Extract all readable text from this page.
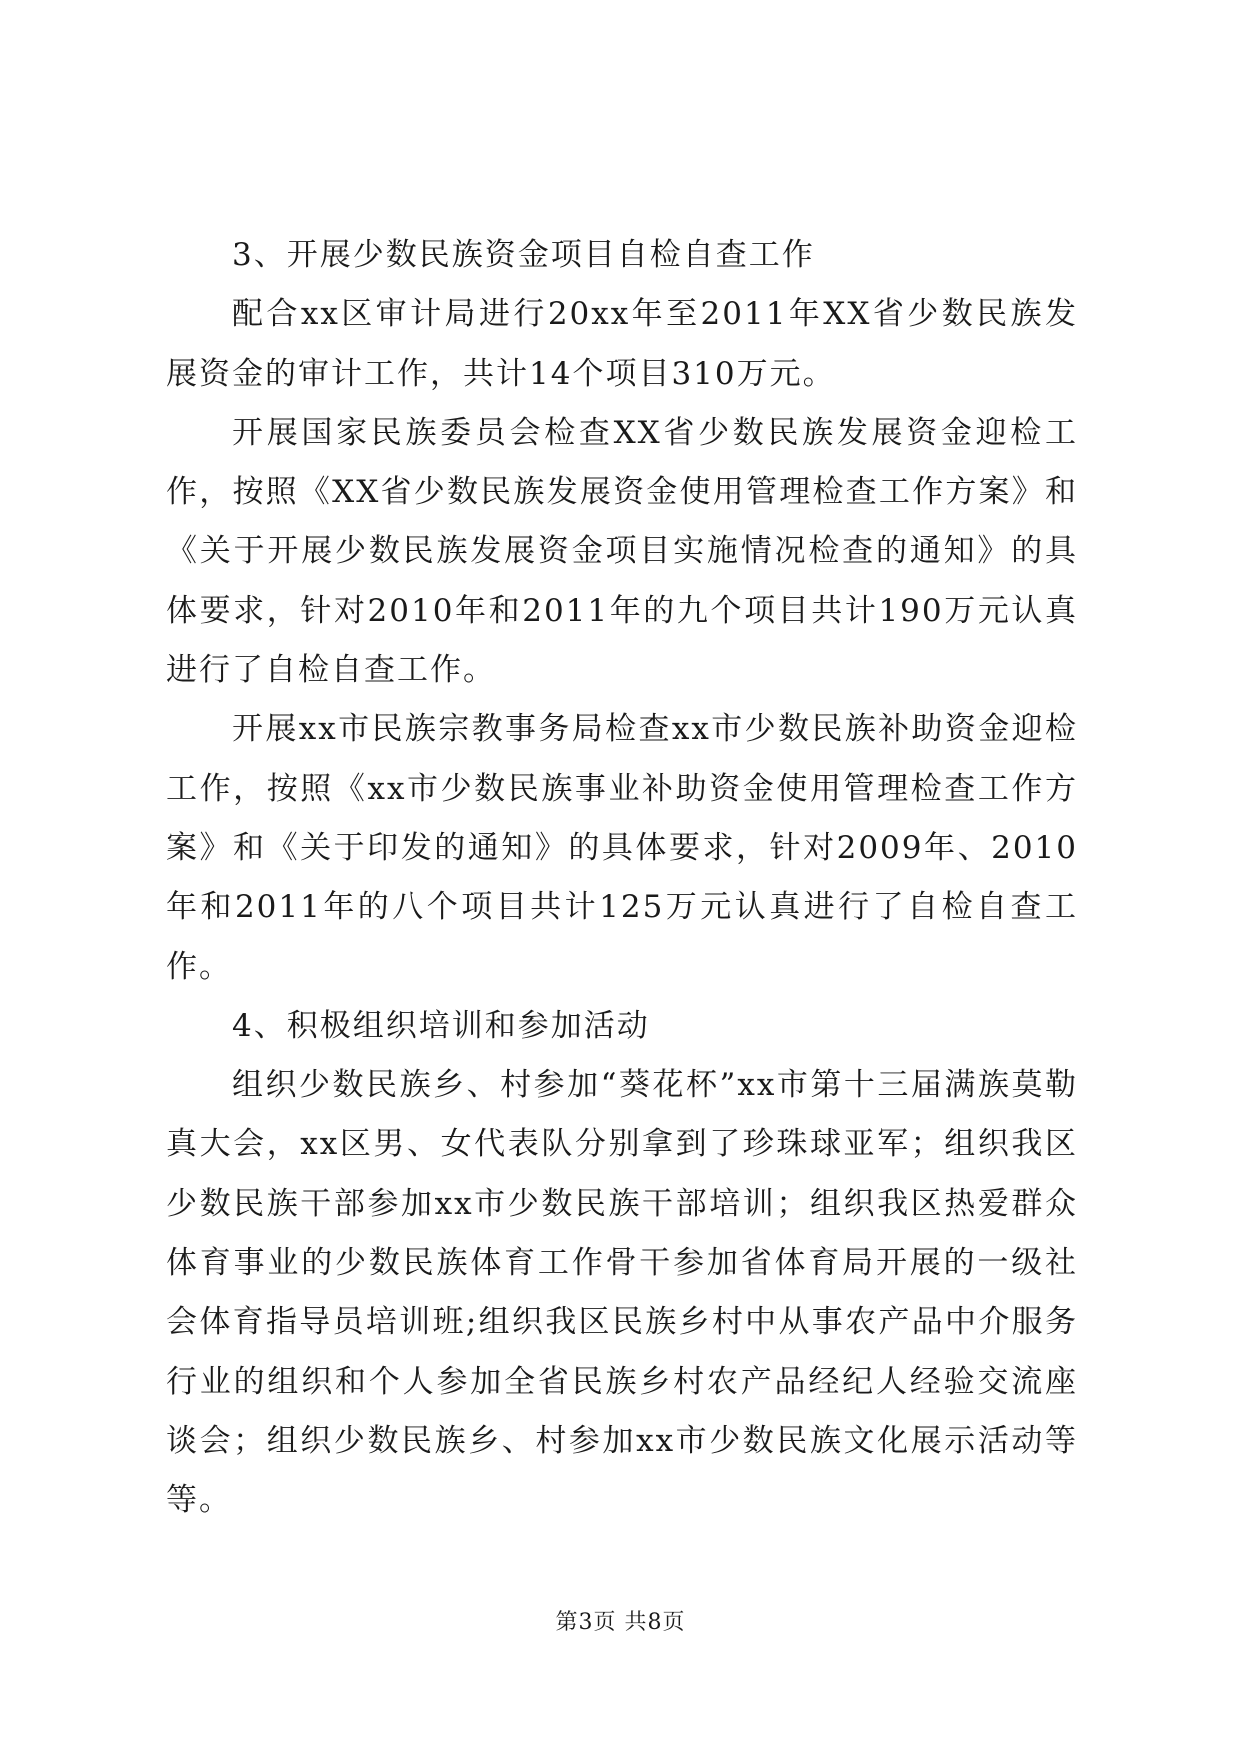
3、开展少数民族资金项目自检自查工作

配合xx区审计局进行20xx年至2011年XX省少数民族发展资金的审计工作，共计14个项目310万元。

开展国家民族委员会检查XX省少数民族发展资金迎检工作，按照《XX省少数民族发展资金使用管理检查工作方案》和《关于开展少数民族发展资金项目实施情况检查的通知》的具体要求，针对2010年和2011年的九个项目共计190万元认真进行了自检自查工作。

开展xx市民族宗教事务局检查xx市少数民族补助资金迎检工作，按照《xx市少数民族事业补助资金使用管理检查工作方案》和《关于印发的通知》的具体要求，针对2009年、2010年和2011年的八个项目共计125万元认真进行了自检自查工作。

4、积极组织培训和参加活动

组织少数民族乡、村参加“葵花杯”xx市第十三届满族莫勒真大会，xx区男、女代表队分别拿到了珍珠球亚军；组织我区少数民族干部参加xx市少数民族干部培训；组织我区热爱群众体育事业的少数民族体育工作骨干参加省体育局开展的一级社会体育指导员培训班;组织我区民族乡村中从事农产品中介服务行业的组织和个人参加全省民族乡村农产品经纪人经验交流座谈会；组织少数民族乡、村参加xx市少数民族文化展示活动等等。

第3页 共8页
